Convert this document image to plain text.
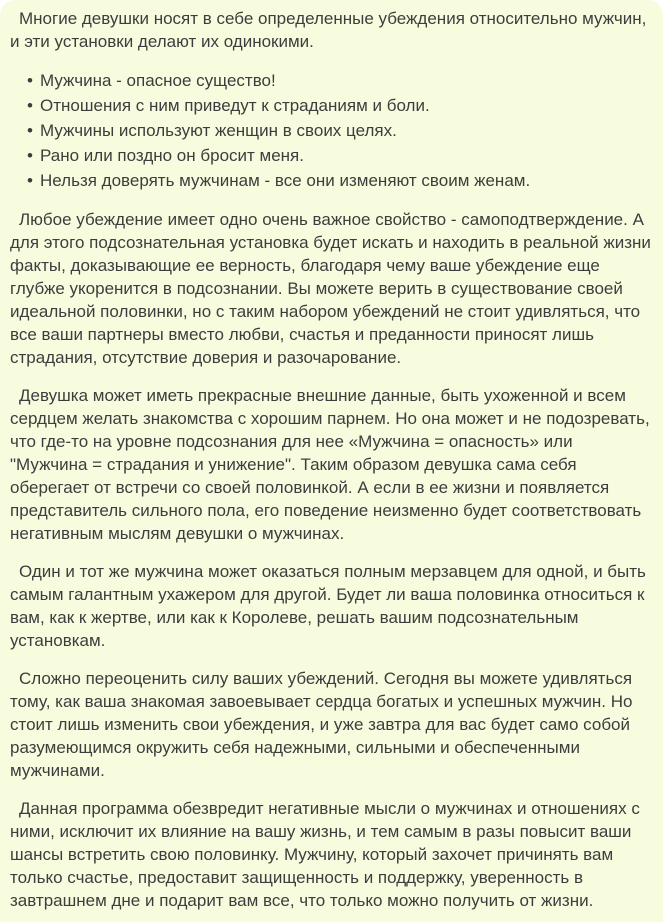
Многие девушки носят в себе определенные убеждения относительно мужчин, и эти установки делают их одинокими.

• Мужчина - опасное существо!
• Отношения с ним приведут к страданиям и боли.
• Мужчины используют женщин в своих целях.
• Рано или поздно он бросит меня.
• Нельзя доверять мужчинам - все они изменяют своим женам.

Любое убеждение имеет одно очень важное свойство - самоподтверждение. А для этого подсознательная установка будет искать и находить в реальной жизни факты, доказывающие ее верность, благодаря чему ваше убеждение еще глубже укоренится в подсознании. Вы можете верить в существование своей идеальной половинки, но с таким набором убеждений не стоит удивляться, что все ваши партнеры вместо любви, счастья и преданности приносят лишь страдания, отсутствие доверия и разочарование.

Девушка может иметь прекрасные внешние данные, быть ухоженной и всем сердцем желать знакомства с хорошим парнем. Но она может и не подозревать, что где-то на уровне подсознания для нее «Мужчина = опасность» или "Мужчина = страдания и унижение". Таким образом девушка сама себя оберегает от встречи со своей половинкой. А если в ее жизни и появляется представитель сильного пола, его поведение неизменно будет соответствовать негативным мыслям девушки о мужчинах.

Один и тот же мужчина может оказаться полным мерзавцем для одной, и быть самым галантным ухажером для другой. Будет ли ваша половинка относиться к вам, как к жертве, или как к Королеве, решать вашим подсознательным установкам.

Сложно переоценить силу ваших убеждений. Сегодня вы можете удивляться тому, как ваша знакомая завоевывает сердца богатых и успешных мужчин. Но стоит лишь изменить свои убеждения, и уже завтра для вас будет само собой разумеющимся окружить себя надежными, сильными и обеспеченными мужчинами.

Данная программа обезвредит негативные мысли о мужчинах и отношениях с ними, исключит их влияние на вашу жизнь, и тем самым в разы повысит ваши шансы встретить свою половинку. Мужчину, который захочет причинять вам только счастье, предоставит защищенность и поддержку, уверенность в завтрашнем дне и подарит вам все, что только можно получить от жизни.
